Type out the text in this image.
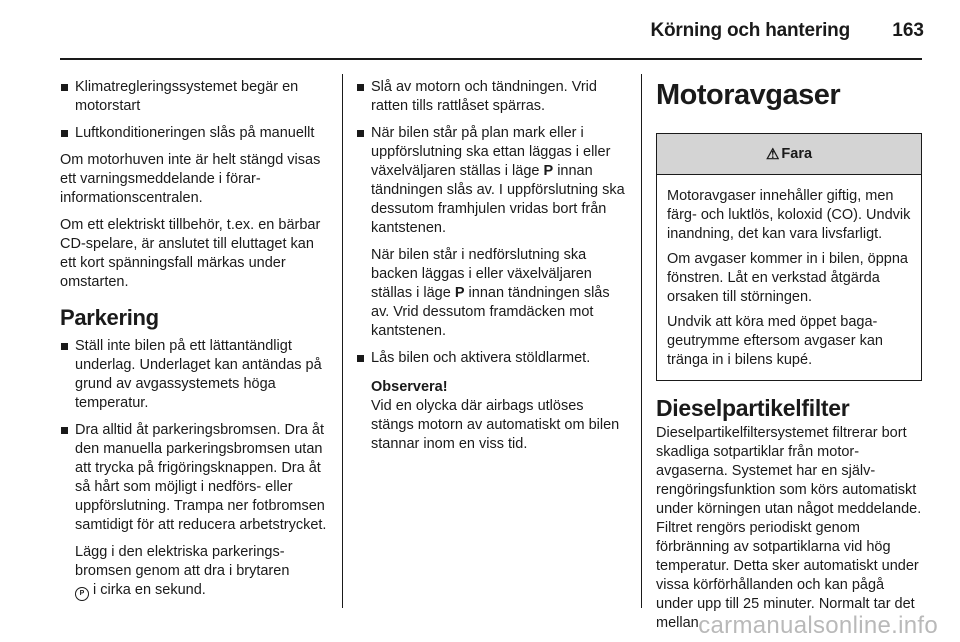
Körning och hantering	163
Klimatregleringssystemet begär en motorstart
Luftkonditioneringen slås på manuellt
Om motorhuven inte är helt stängd visas ett varningsmeddelande i förarinformationscentralen.
Om ett elektriskt tillbehör, t.ex. en bärbar CD-spelare, är anslutet till eluttaget kan ett kort spänningsfall märkas under omstarten.
Parkering
Ställ inte bilen på ett lättantändligt underlag. Underlaget kan antändas på grund av avgassystemets höga temperatur.
Dra alltid åt parkeringsbromsen. Dra åt den manuella parkeringsbromsen utan att trycka på frigöringsknappen. Dra åt så hårt som möjligt i nedförs- eller uppförslutning. Trampa ner fotbromsen samtidigt för att reducera arbetstrycket.
Lägg i den elektriska parkeringsbromsen genom att dra i brytaren
P i cirka en sekund.
Slå av motorn och tändningen. Vrid ratten tills rattlåset spärras.
När bilen står på plan mark eller i uppförslutning ska ettan läggas i eller växelväljaren ställas i läge P innan tändningen slås av. I uppförslutning ska dessutom framhjulen vridas bort från kantstenen.
När bilen står i nedförslutning ska backen läggas i eller växelväljaren ställas i läge P innan tändningen slås av. Vrid dessutom framdäcken mot kantstenen.
Lås bilen och aktivera stöldlarmet.
Observera!
Vid en olycka där airbags utlöses stängs motorn av automatiskt om bilen stannar inom en viss tid.
Motoravgaser
⚠ Fara
Motoravgaser innehåller giftig, men färg- och luktlös, koloxid (CO). Undvik inandning, det kan vara livsfarligt.
Om avgaser kommer in i bilen, öppna fönstren. Låt en verkstad åtgärda orsaken till störningen.
Undvik att köra med öppet bagageutrymme eftersom avgaser kan tränga in i bilens kupé.
Dieselpartikelfilter
Dieselpartikelfiltersystemet filtrerar bort skadliga sotpartiklar från motoravgaserna. Systemet har en självrengöringsfunktion som körs automatiskt under körningen utan något meddelande. Filtret rengörs periodiskt genom förbränning av sotpartiklarna vid hög temperatur. Detta sker automatiskt under vissa körförhållanden och kan pågå under upp till 25 minuter. Normalt tar det mellan carmanualsonline.info
